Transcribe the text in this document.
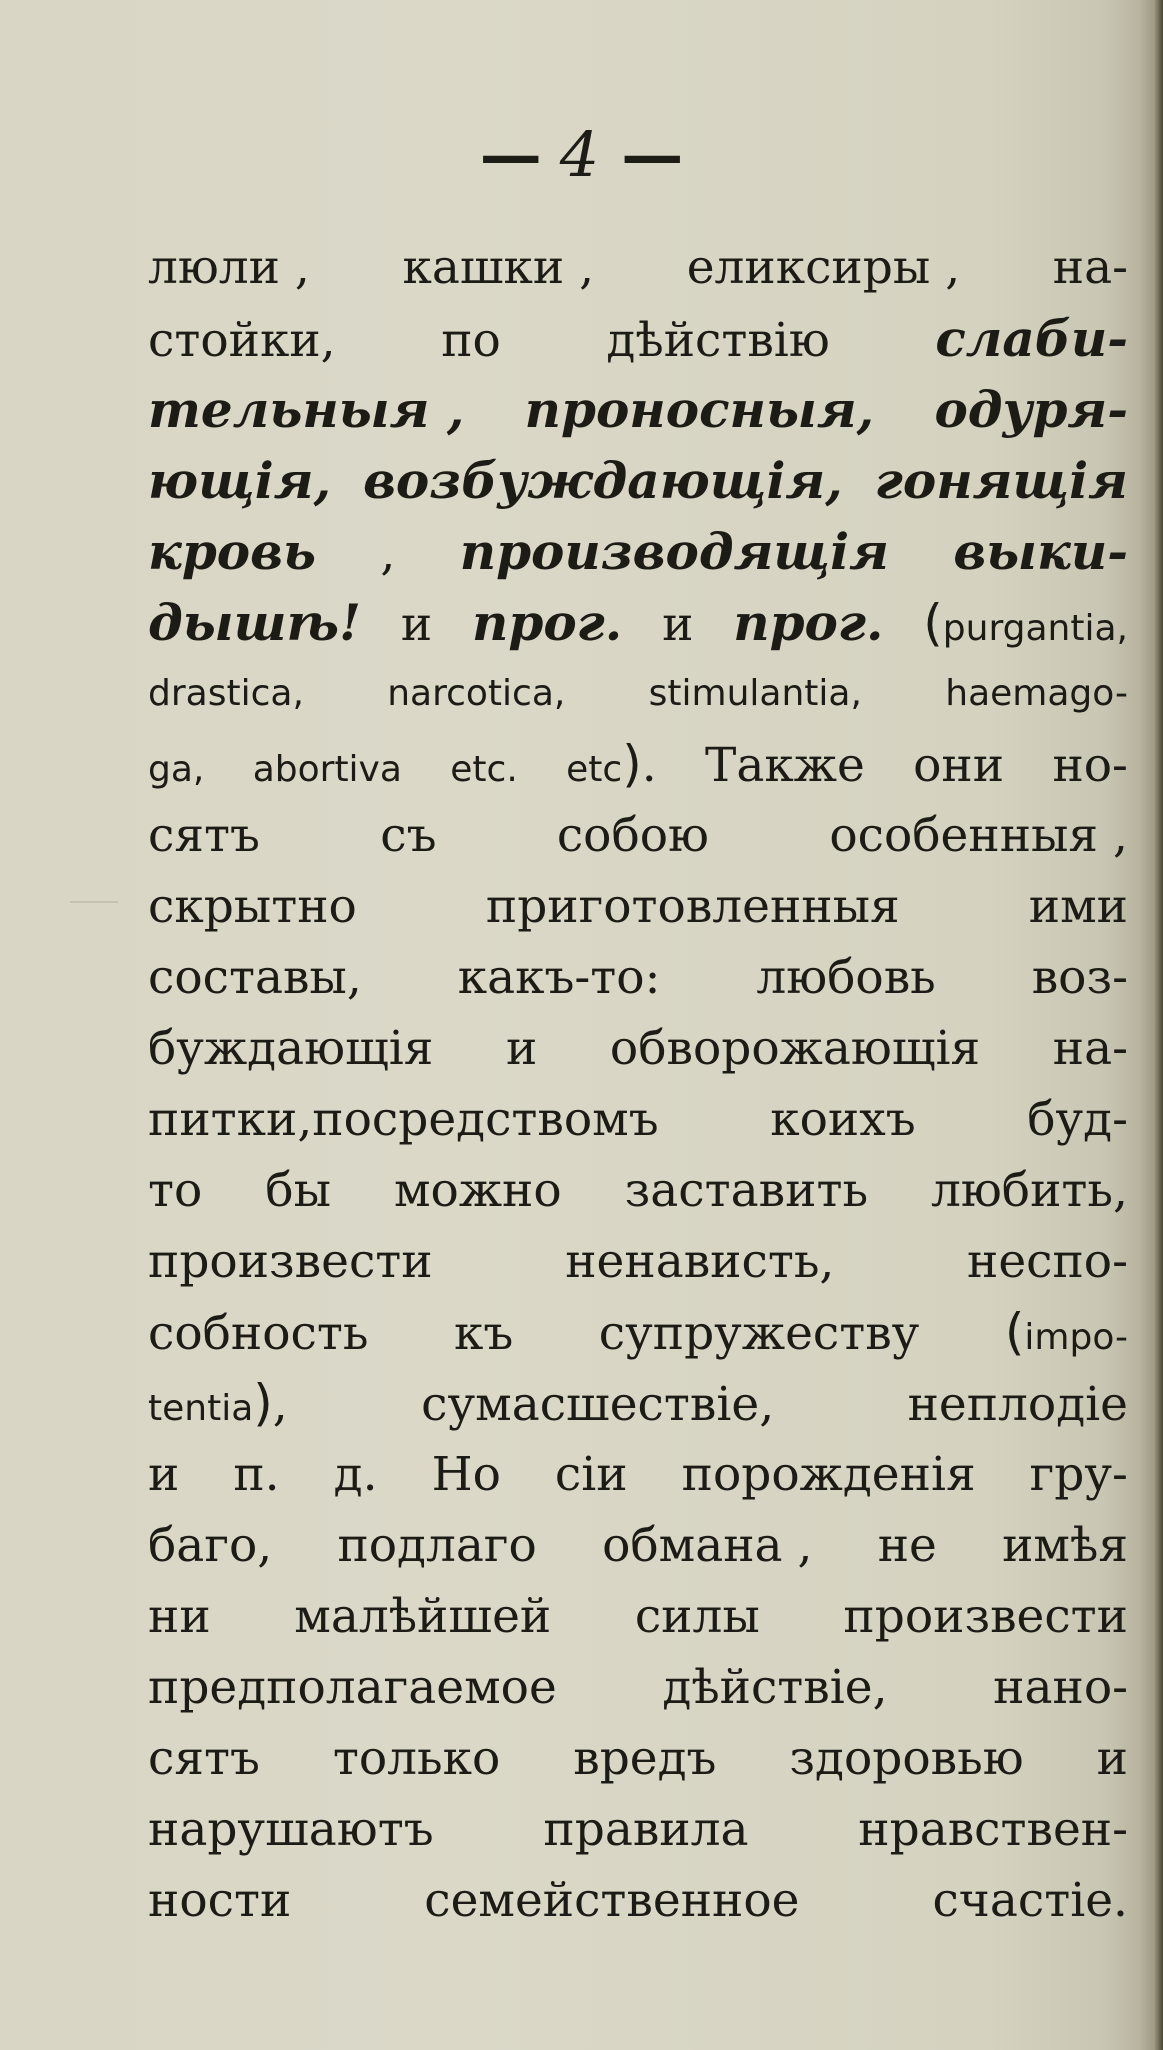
— 4 —
люли , кашки , еликсиры , на-
стойки, по дѣйствію слаби-
тельныя , проносныя, одуря-
ющія, возбуждающія, гонящія
кровь , производящія выки-
дышѣ! и прог. и прог. (purgantia,
drastica, narcotica, stimulantia, haemago-
ga, abortiva etc. etc). Также они но-
сятъ	съ	собою	особенныя ,
скрытно	приготовленныя	ими
составы, какъ-то: любовь воз-
буждающія и обворожающія на-
питки,посредствомъ коихъ буд-
то бы можно заставить любить,
произвести	ненависть,	неспо-
собность къ супружеству (impo-
tentia),	сумасшествіе,	неплодіе
и п. д. Но сіи порожденія гру-
баго, подлаго обмана , не имѣя
ни малѣйшей силы произвести
предполагаемое дѣйствіе, нано-
сятъ только вредъ здоровью и
нарушаютъ правила нравствен-
ности	семейственное	счастіе.
